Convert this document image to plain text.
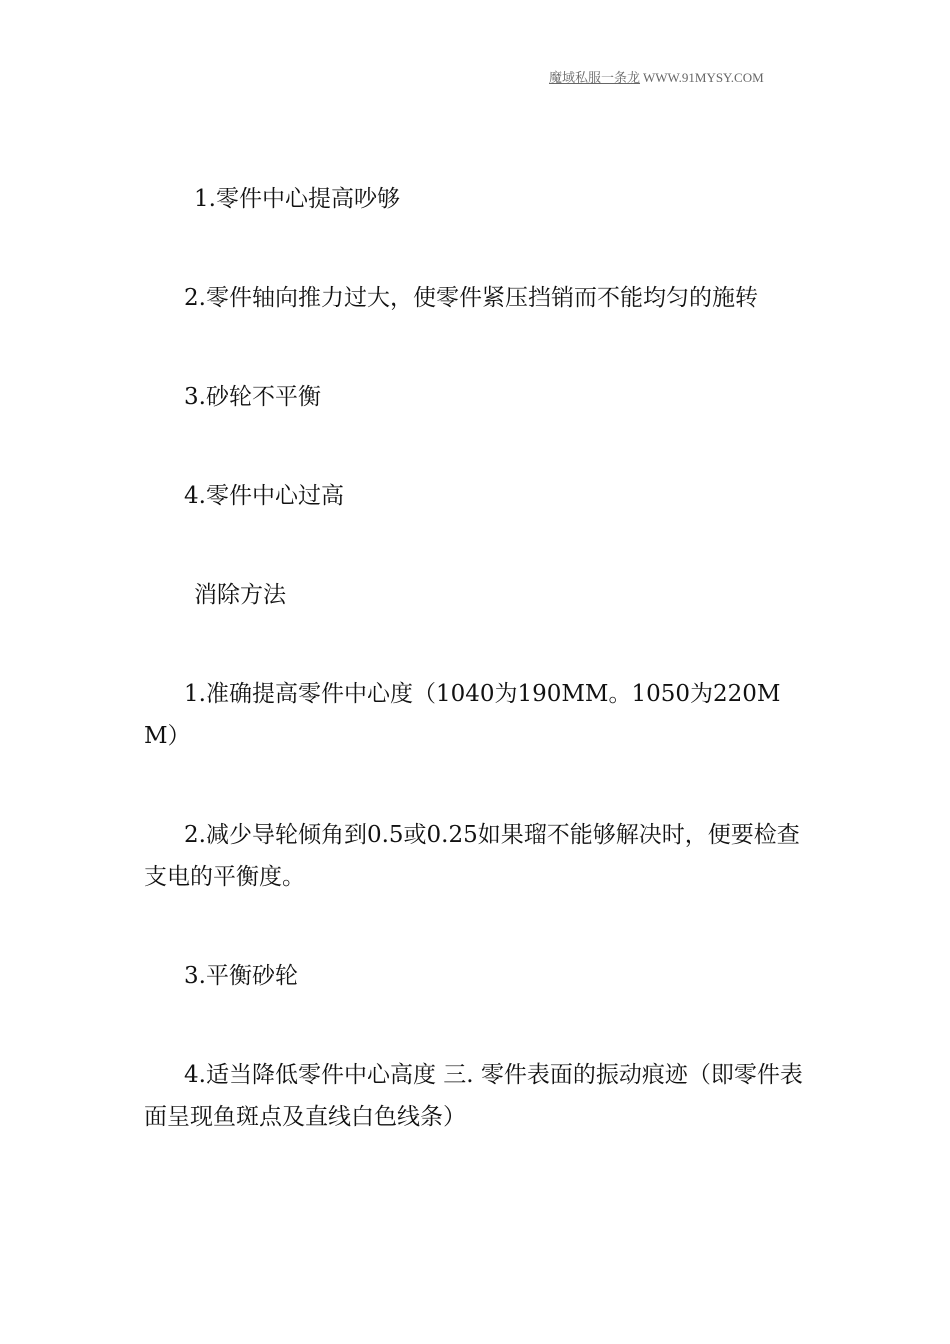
魔域私服一条龙 WWW.91MYSY.COM

1.零件中心提高吵够

2.零件轴向推力过大，使零件紧压挡销而不能均匀的施转

3.砂轮不平衡

4.零件中心过高

消除方法

1.准确提高零件中心度（1040为190MM。1050为220MM）

2.减少导轮倾角到0.5或0.25如果瑠不能够解决时，便要检查支电的平衡度。

3.平衡砂轮

4.适当降低零件中心高度 三. 零件表面的振动痕迹（即零件表面呈现鱼斑点及直线白色线条）
